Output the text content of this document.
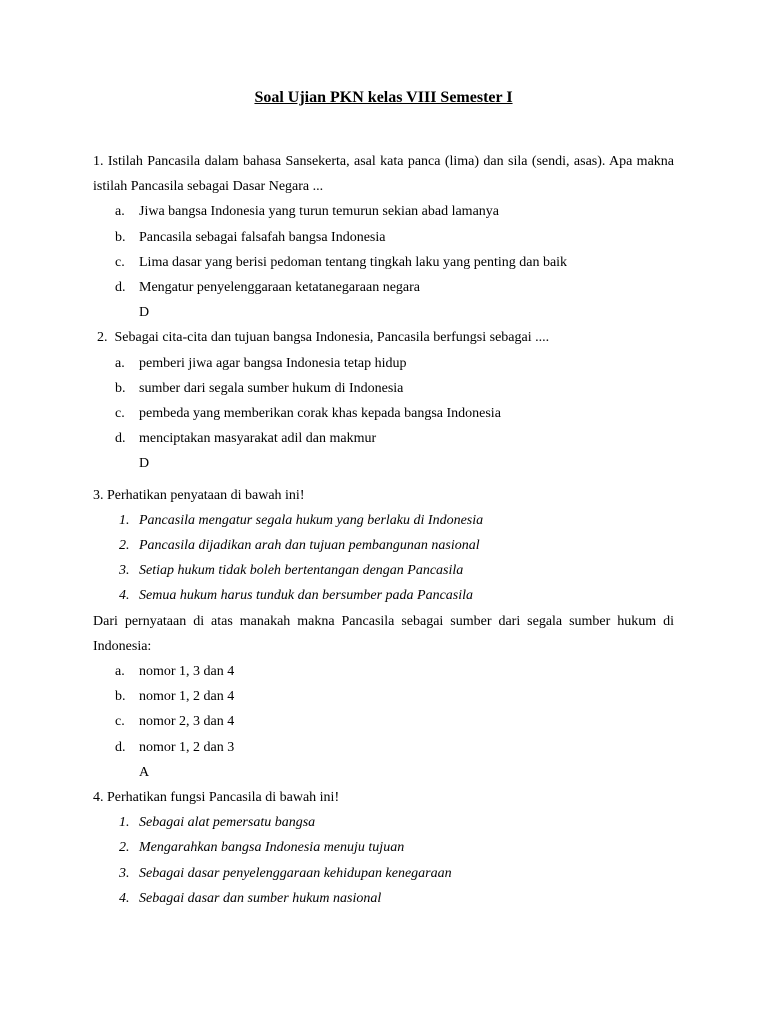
Soal Ujian PKN kelas VIII Semester I

1. Istilah Pancasila dalam bahasa Sansekerta, asal kata panca (lima) dan sila (sendi, asas). Apa makna istilah Pancasila sebagai Dasar Negara ...

a.	Jiwa bangsa Indonesia yang turun temurun sekian abad lamanya
b. Pancasila sebagai falsafah bangsa Indonesia
c.	Lima dasar yang berisi pedoman tentang tingkah laku yang penting dan baik
d. Mengatur penyelenggaraan ketatanegaraan negara

D

2. Sebagai cita-cita dan tujuan bangsa Indonesia, Pancasila berfungsi sebagai ....

a.	pemberi jiwa agar bangsa Indonesia tetap hidup
b. sumber dari segala sumber hukum di Indonesia
c.	pembeda yang memberikan corak khas kepada bangsa Indonesia
d. menciptakan masyarakat adil dan makmur

D

3. Perhatikan penyataan di bawah ini!

1. Pancasila mengatur segala hukum yang berlaku di Indonesia
2. Pancasila dijadikan arah dan tujuan pembangunan nasional
3. Setiap hukum tidak boleh bertentangan dengan Pancasila
4. Semua hukum harus tunduk dan bersumber pada Pancasila

Dari pernyataan di atas manakah makna Pancasila sebagai sumber dari segala sumber hukum di Indonesia:

a.	nomor 1, 3 dan 4
b. nomor 1, 2 dan 4
c.	nomor 2, 3 dan 4
d. nomor 1, 2 dan 3

A

4. Perhatikan fungsi Pancasila di bawah ini!

1. Sebagai alat pemersatu bangsa
2. Mengarahkan bangsa Indonesia menuju tujuan
3. Sebagai dasar penyelenggaraan kehidupan kenegaraan
4. Sebagai dasar dan sumber hukum nasional
